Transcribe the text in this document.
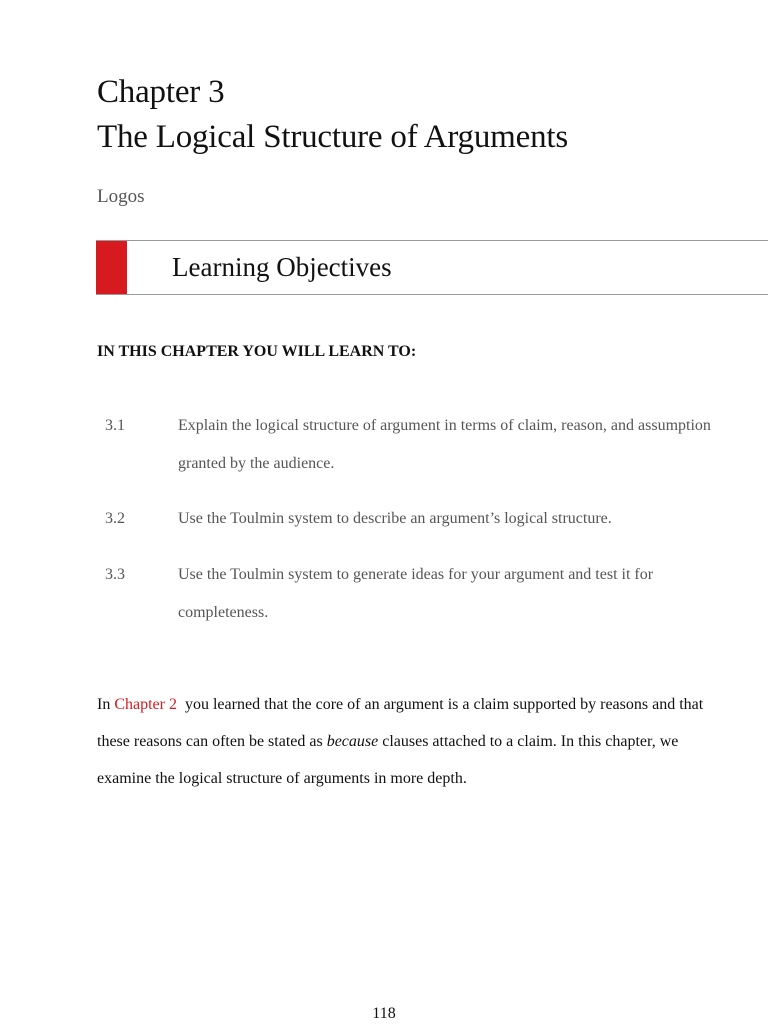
Chapter 3
The Logical Structure of Arguments
Logos
Learning Objectives
IN THIS CHAPTER YOU WILL LEARN TO:
3.1	Explain the logical structure of argument in terms of claim, reason, and assumption
granted by the audience.
3.2	Use the Toulmin system to describe an argument’s logical structure.
3.3	Use the Toulmin system to generate ideas for your argument and test it for
completeness.
In Chapter 2  you learned that the core of an argument is a claim supported by reasons and that
these reasons can often be stated as because clauses attached to a claim. In this chapter, we
examine the logical structure of arguments in more depth.
118
